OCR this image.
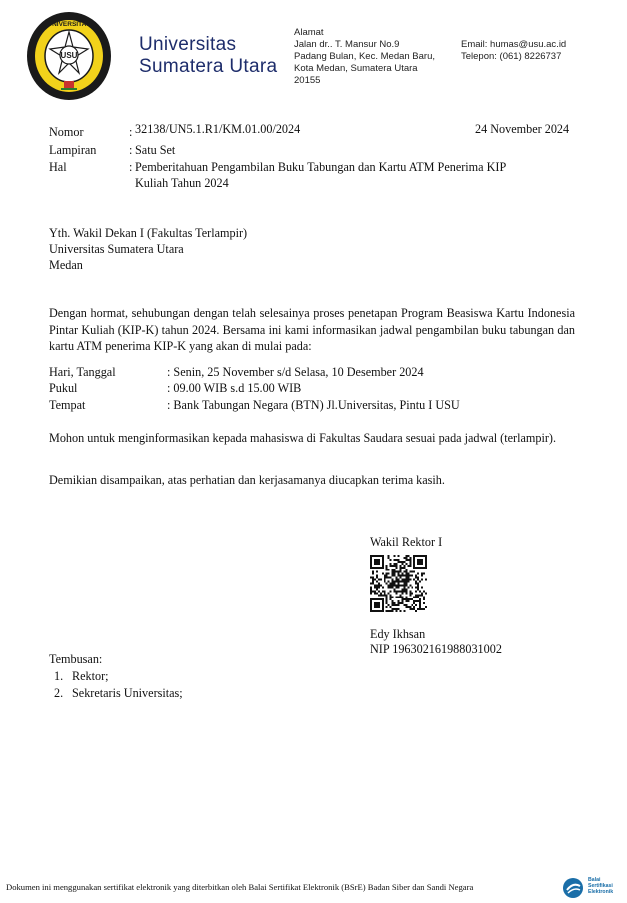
USU
UNIVERSITAS
Universitas
Sumatera Utara
Alamat
Jalan dr.. T. Mansur No.9
Padang Bulan, Kec. Medan Baru,
Kota Medan, Sumatera Utara
20155
Email: humas@usu.ac.id
Telepon: (061) 8226737
Nomor	: 32138/UN5.1.R1/KM.01.00/2024	24 November 2024
Lampiran	: Satu Set
Hal	: Pemberitahuan Pengambilan Buku Tabungan dan Kartu ATM Penerima KIP
Kuliah Tahun 2024
Yth. Wakil Dekan I (Fakultas Terlampir)
Universitas Sumatera Utara
Medan
Dengan hormat, sehubungan dengan telah selesainya proses penetapan Program Beasiswa Kartu Indonesia Pintar Kuliah (KIP-K) tahun 2024. Bersama ini kami informasikan jadwal pengambilan buku tabungan dan kartu ATM penerima KIP-K yang akan di mulai pada:
Hari, Tanggal	: Senin, 25 November s/d Selasa, 10 Desember 2024
Pukul	: 09.00 WIB s.d 15.00 WIB
Tempat	: Bank Tabungan Negara (BTN) Jl.Universitas, Pintu I USU
Mohon untuk menginformasikan kepada mahasiswa di Fakultas Saudara sesuai pada jadwal (terlampir).
Demikian disampaikan, atas perhatian dan kerjasamanya diucapkan terima kasih.
Wakil Rektor I
Edy Ikhsan
NIP 196302161988031002
Tembusan:
1. Rektor;
2. Sekretaris Universitas;
Dokumen ini menggunakan sertifikat elektronik yang diterbitkan oleh Balai Sertifikat Elektronik (BSrE) Badan Siber dan Sandi Negara
Balai
Sertifikasi
Elektronik
